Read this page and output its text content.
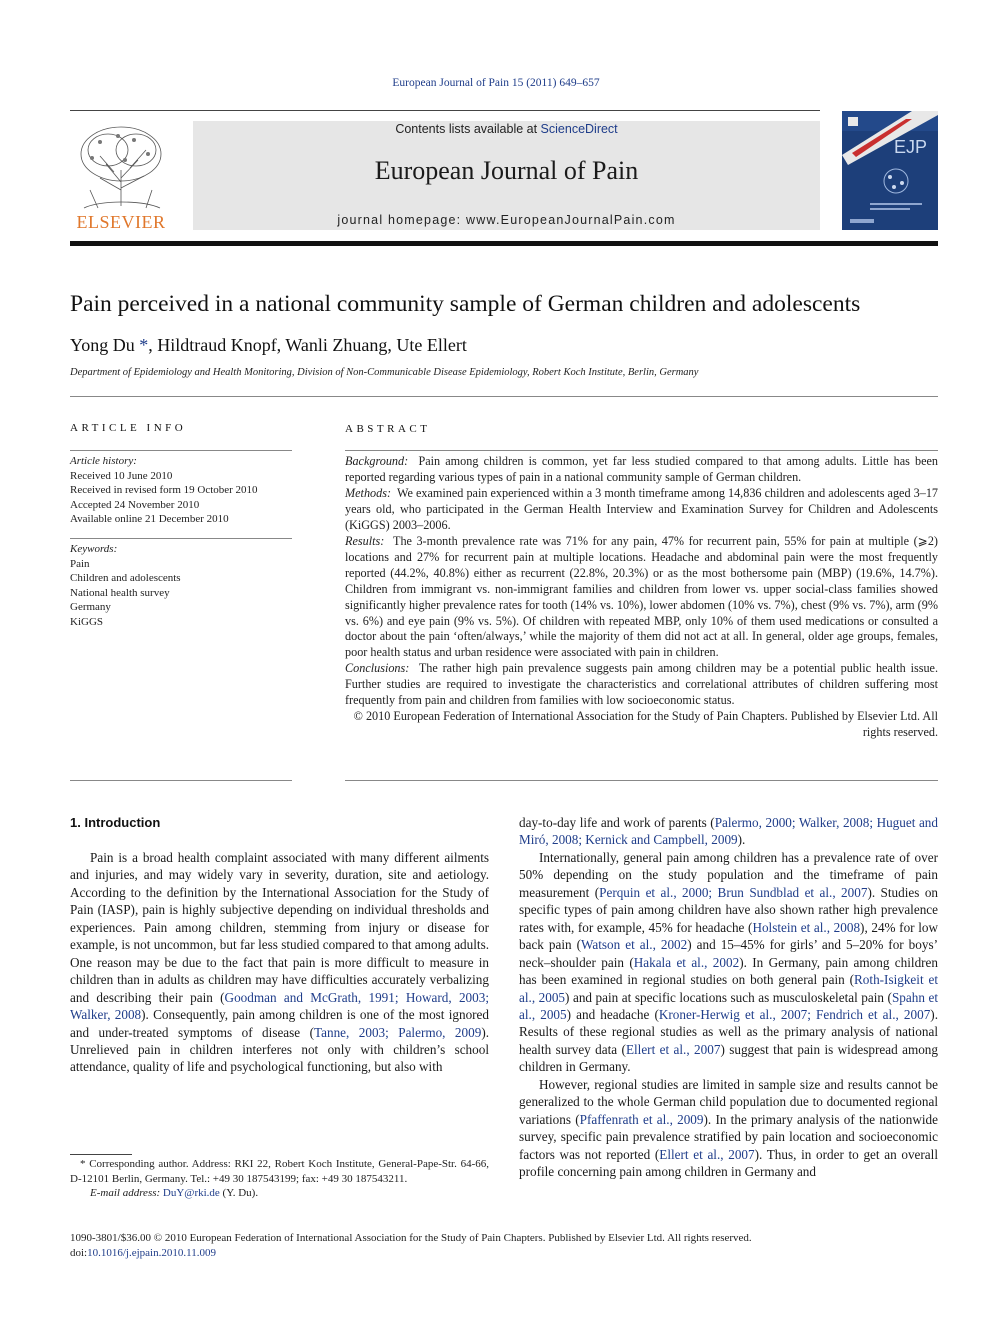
European Journal of Pain 15 (2011) 649–657
ELSEVIER
Contents lists available at ScienceDirect
European Journal of Pain
journal homepage: www.EuropeanJournalPain.com
EJP
Pain perceived in a national community sample of German children and adolescents
Yong Du *, Hildtraud Knopf, Wanli Zhuang, Ute Ellert
Department of Epidemiology and Health Monitoring, Division of Non-Communicable Disease Epidemiology, Robert Koch Institute, Berlin, Germany
ARTICLE INFO
Article history:
Received 10 June 2010
Received in revised form 19 October 2010
Accepted 24 November 2010
Available online 21 December 2010
Keywords:
Pain
Children and adolescents
National health survey
Germany
KiGGS
ABSTRACT

Background: Pain among children is common, yet far less studied compared to that among adults. Little has been reported regarding various types of pain in a national community sample of German children.

Methods: We examined pain experienced within a 3 month timeframe among 14,836 children and adolescents aged 3–17 years old, who participated in the German Health Interview and Examination Survey for Children and Adolescents (KiGGS) 2003–2006.

Results: The 3-month prevalence rate was 71% for any pain, 47% for recurrent pain, 55% for pain at multiple (⩾2) locations and 27% for recurrent pain at multiple locations. Headache and abdominal pain were the most frequently reported (44.2%, 40.8%) either as recurrent (22.8%, 20.3%) or as the most bothersome pain (MBP) (19.6%, 14.7%). Children from immigrant vs. non-immigrant families and children from lower vs. upper social-class families showed significantly higher prevalence rates for tooth (14% vs. 10%), lower abdomen (10% vs. 7%), chest (9% vs. 7%), arm (9% vs. 6%) and eye pain (9% vs. 5%). Of children with repeated MBP, only 10% of them used medications or consulted a doctor about the pain ‘often/always,’ while the majority of them did not act at all. In general, older age groups, females, poor health status and urban residence were associated with pain in children.

Conclusions: The rather high pain prevalence suggests pain among children may be a potential public health issue. Further studies are required to investigate the characteristics and correlational attributes of children suffering most frequently from pain and children from families with low socioeconomic status.

© 2010 European Federation of International Association for the Study of Pain Chapters. Published by Elsevier Ltd. All rights reserved.

1. Introduction

Pain is a broad health complaint associated with many different ailments and injuries, and may widely vary in severity, duration, site and aetiology. According to the definition by the International Association for the Study of Pain (IASP), pain is highly subjective depending on individual thresholds and experiences. Pain among children, stemming from injury or disease for example, is not uncommon, but far less studied compared to that among adults. One reason may be due to the fact that pain is more difficult to measure in children than in adults as children may have difficulties accurately verbalizing and describing their pain (Goodman and McGrath, 1991; Howard, 2003; Walker, 2008). Consequently, pain among children is one of the most ignored and under-treated symptoms of disease (Tanne, 2003; Palermo, 2009). Unrelieved pain in children interferes not only with children’s school attendance, quality of life and psychological functioning, but also with

* Corresponding author. Address: RKI 22, Robert Koch Institute, General-Pape-Str. 64-66, D-12101 Berlin, Germany. Tel.: +49 30 187543199; fax: +49 30 187543211.
E-mail address: DuY@rki.de (Y. Du).

day-to-day life and work of parents (Palermo, 2000; Walker, 2008; Huguet and Miró, 2008; Kernick and Campbell, 2009).

Internationally, general pain among children has a prevalence rate of over 50% depending on the study population and the timeframe of pain measurement (Perquin et al., 2000; Brun Sundblad et al., 2007). Studies on specific types of pain among children have also shown rather high prevalence rates with, for example, 45% for headache (Holstein et al., 2008), 24% for low back pain (Watson et al., 2002) and 15–45% for girls’ and 5–20% for boys’ neck–shoulder pain (Hakala et al., 2002). In Germany, pain among children has been examined in regional studies on both general pain (Roth-Isigkeit et al., 2005) and pain at specific locations such as musculoskeletal pain (Spahn et al., 2005) and headache (Kroner-Herwig et al., 2007; Fendrich et al., 2007). Results of these regional studies as well as the primary analysis of national health survey data (Ellert et al., 2007) suggest that pain is widespread among children in Germany.

However, regional studies are limited in sample size and results cannot be generalized to the whole German child population due to documented regional variations (Pfaffenrath et al., 2009). In the primary analysis of the nationwide survey, specific pain prevalence stratified by pain location and socioeconomic factors was not reported (Ellert et al., 2007). Thus, in order to get an overall profile concerning pain among children in Germany and

1090-3801/$36.00 © 2010 European Federation of International Association for the Study of Pain Chapters. Published by Elsevier Ltd. All rights reserved.
doi:10.1016/j.ejpain.2010.11.009
